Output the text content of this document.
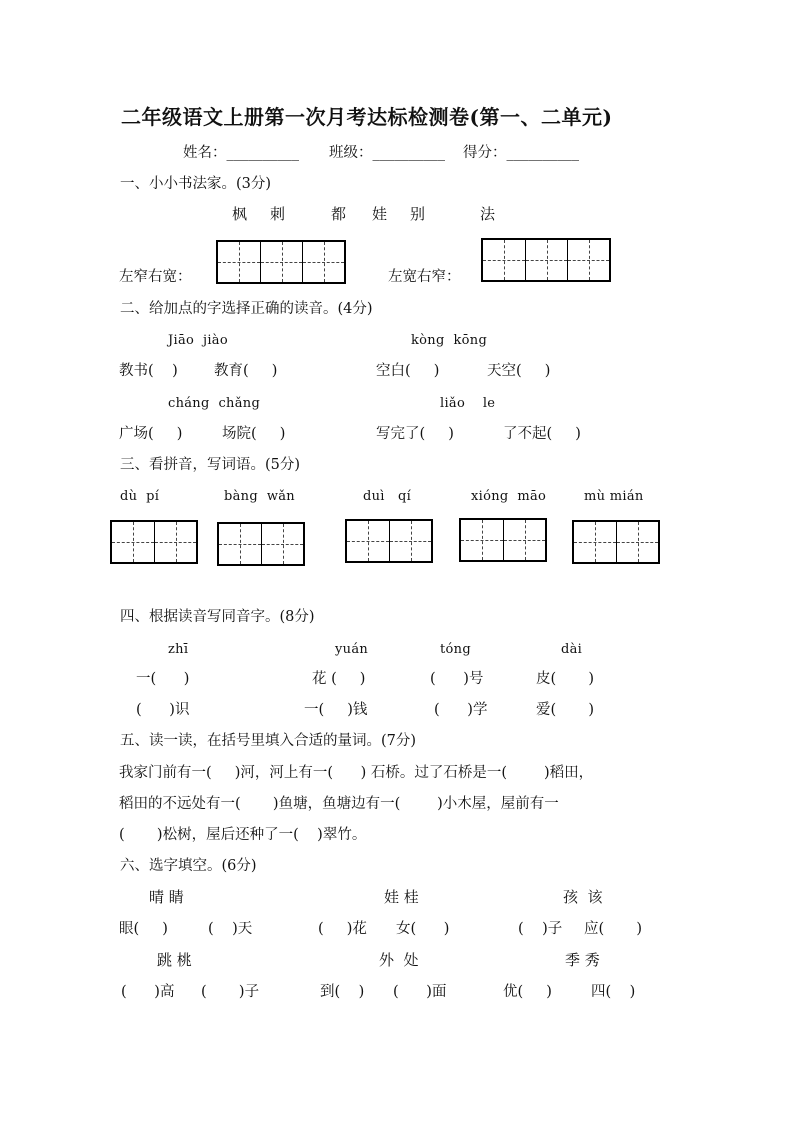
二年级语文上册第一次月考达标检测卷(第一、二单元)
姓名：__________ 班级：__________ 得分：__________
一、小小书法家。(3分)
枫 刺	都 娃 别	法
左窄右宽：	左宽右窄：
二、给加点的字选择正确的读音。(4分)
Jiāo  jiào	kòng  kōng
教书(    ) 教育(     )	空白(     )	天空(     )
cháng  chǎng	liǎo    le
广场(     )	场院(     )	写完了(     )	了不起(     )
三、看拼音，写词语。(5分)
dù  pí	bàng  wǎn	duì   qí	xióng  māo	mù mián
四、根据读音写同音字。(8分)
zhī	yuán	tóng	dài
一(      )	花 (     )	(      )号	皮(       )
(      )识	一(     )钱	(      )学	爱(       )
五、读一读，在括号里填入合适的量词。(7分)
我家门前有一(     )河，河上有一(      ) 石桥。过了石桥是一(        )稻田，
稻田的不远处有一(       )鱼塘，鱼塘边有一(        )小木屋，屋前有一
(       )松树，屋后还种了一(    )翠竹。
六、选字填空。(6分)
晴 睛	娃 桂	孩  该
眼(     )	(    )天	(     )花 女(      )	(    )子 应(       )
跳 桃	外  处	季 秀
(      )高 (       )子	到(    ) (      )面	优(     )	四(    )
